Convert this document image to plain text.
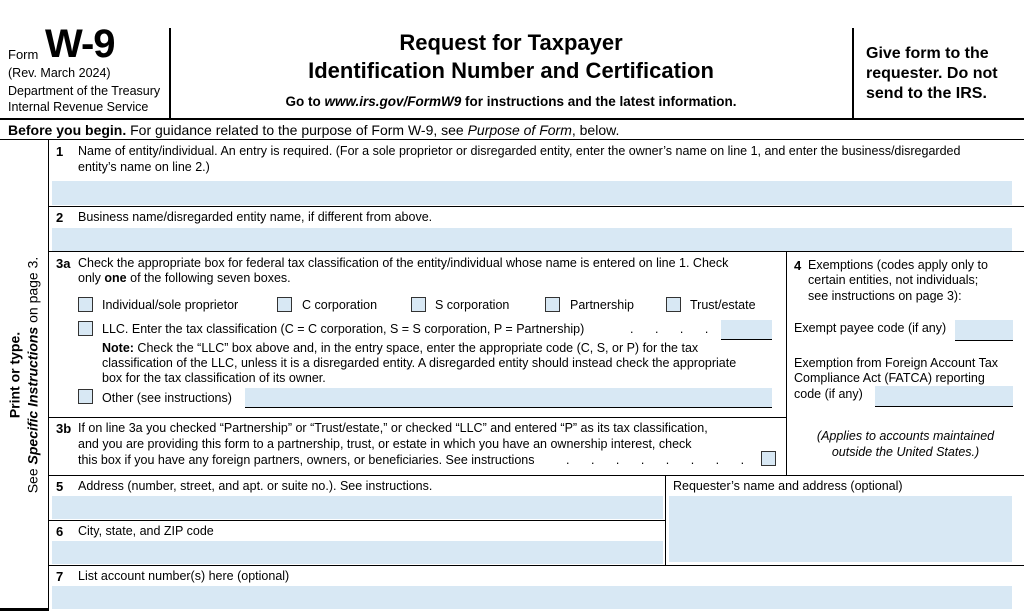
Form W-9
(Rev. March 2024)
Department of the Treasury
Internal Revenue Service
Request for Taxpayer
Identification Number and Certification
Go to www.irs.gov/FormW9 for instructions and the latest information.
Give form to the
requester. Do not
send to the IRS.
Before you begin. For guidance related to the purpose of Form W-9, see Purpose of Form, below.
Print or type.
See Specific Instructions on page 3.
1 Name of entity/individual. An entry is required. (For a sole proprietor or disregarded entity, enter the owner’s name on line 1, and enter the business/disregarded
entity’s name on line 2.)
2 Business name/disregarded entity name, if different from above.
3a Check the appropriate box for federal tax classification of the entity/individual whose name is entered on line 1. Check
only one of the following seven boxes.
Individual/sole proprietor	C corporation	S corporation	Partnership	Trust/estate
LLC. Enter the tax classification (C = C corporation, S = S corporation, P = Partnership)	. . . .
Note: Check the “LLC” box above and, in the entry space, enter the appropriate code (C, S, or P) for the tax
classification of the LLC, unless it is a disregarded entity. A disregarded entity should instead check the appropriate
box for the tax classification of its owner.
Other (see instructions)
3b If on line 3a you checked “Partnership” or “Trust/estate,” or checked “LLC” and entered “P” as its tax classification,
and you are providing this form to a partnership, trust, or estate in which you have an ownership interest, check
this box if you have any foreign partners, owners, or beneficiaries. See instructions	. . . . . . . .
4 Exemptions (codes apply only to
certain entities, not individuals;
see instructions on page 3):
Exempt payee code (if any)
Exemption from Foreign Account Tax
Compliance Act (FATCA) reporting
code (if any)
(Applies to accounts maintained
outside the United States.)
5 Address (number, street, and apt. or suite no.). See instructions.	Requester’s name and address (optional)
6 City, state, and ZIP code
7 List account number(s) here (optional)
